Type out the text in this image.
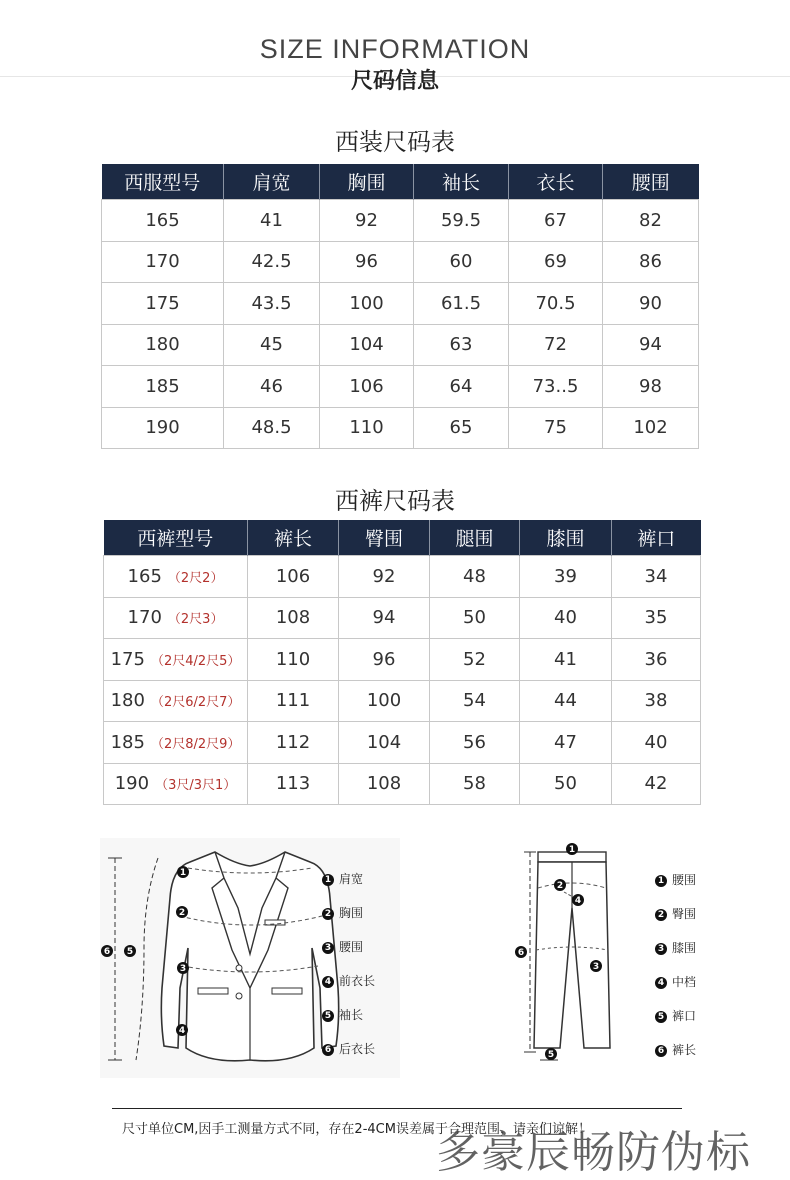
SIZE INFORMATION
尺码信息
西装尺码表
西服型号	肩宽	胸围	袖长	衣长	腰围
165	41	92	59.5	67	82
170	42.5	96	60	69	86
175	43.5	100	61.5	70.5	90
180	45	104	63	72	94
185	46	106	64	73..5	98
190	48.5	110	65	75	102
西裤尺码表
西裤型号	裤长	臀围	腿围	膝围	裤口
165 （2尺2）	106	92	48	39	34
170 （2尺3）	108	94	50	40	35
175 （2尺4/2尺5）	110	96	52	41	36
180 （2尺6/2尺7）	111	100	54	44	38
185 （2尺8/2尺9）	112	104	56	47	40
190 （3尺/3尺1）	113	108	58	50	42
1
2
3
4
5
6
1 肩宽
2 胸围
3 腰围
4 前衣长
5 袖长
6 后衣长
1
2
3
4
5
6
1 腰围
2 臀围
3 膝围
4 中档
5 裤口
6 裤长
尺寸单位CM,因手工测量方式不同，存在2-4CM误差属于合理范围，请亲们谅解！
多豪辰畅防伪标
